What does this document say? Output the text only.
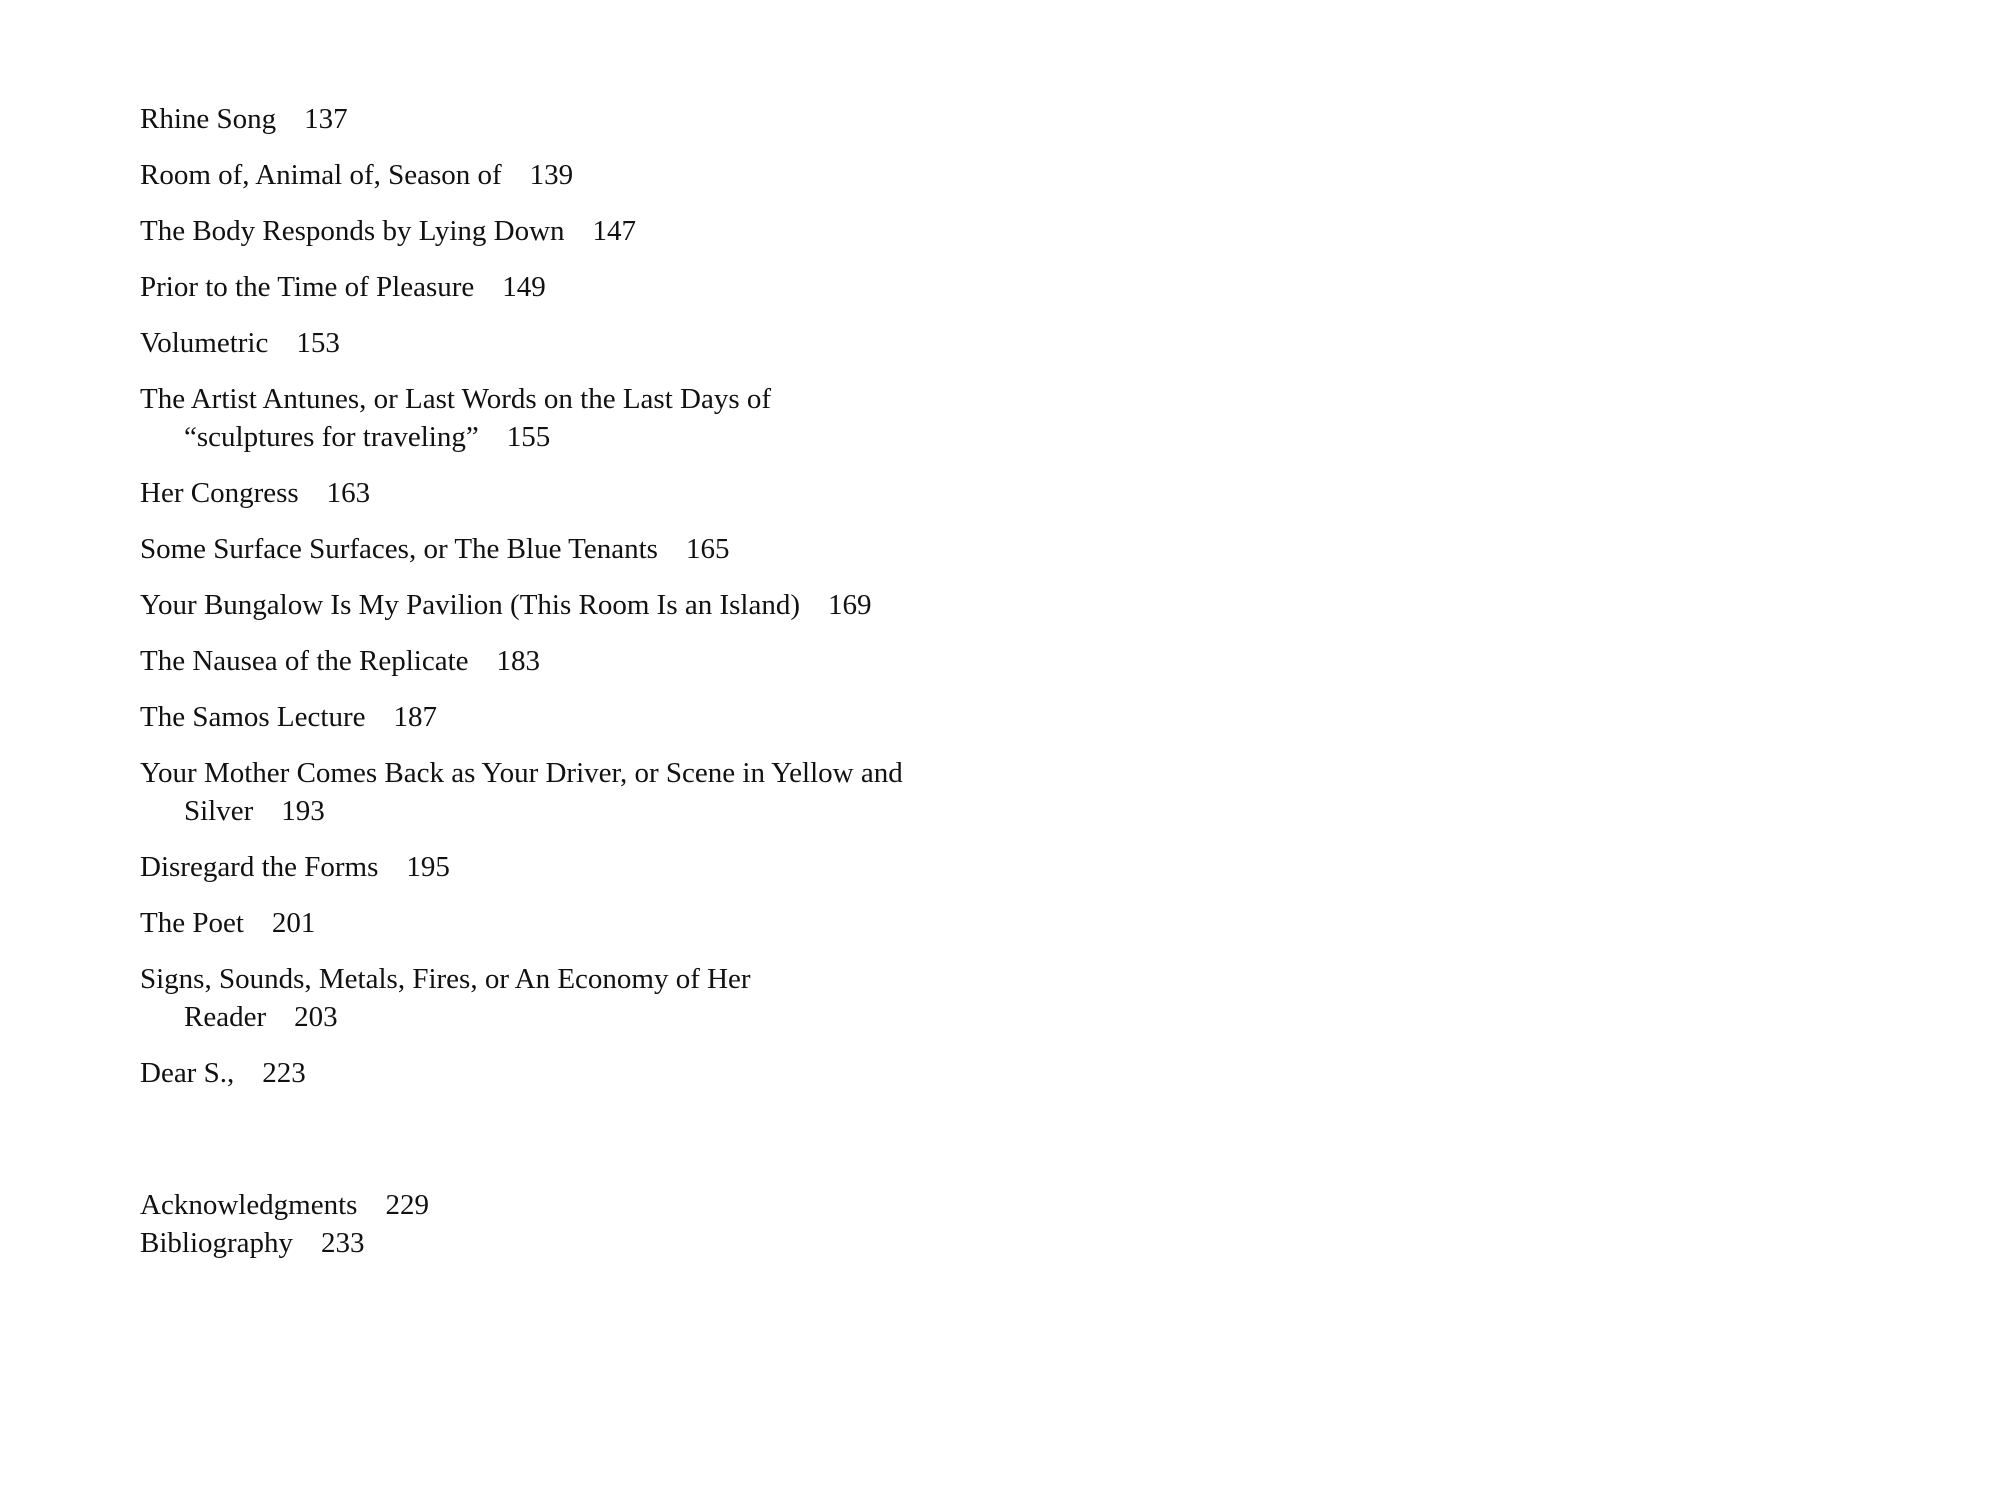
Rhine Song 137
Room of, Animal of, Season of 139
The Body Responds by Lying Down 147
Prior to the Time of Pleasure 149
Volumetric 153
The Artist Antunes, or Last Words on the Last Days of “sculptures for traveling” 155
Her Congress 163
Some Surface Surfaces, or The Blue Tenants 165
Your Bungalow Is My Pavilion (This Room Is an Island) 169
The Nausea of the Replicate 183
The Samos Lecture 187
Your Mother Comes Back as Your Driver, or Scene in Yellow and Silver 193
Disregard the Forms 195
The Poet 201
Signs, Sounds, Metals, Fires, or An Economy of Her Reader 203
Dear S., 223
Acknowledgments 229
Bibliography 233
